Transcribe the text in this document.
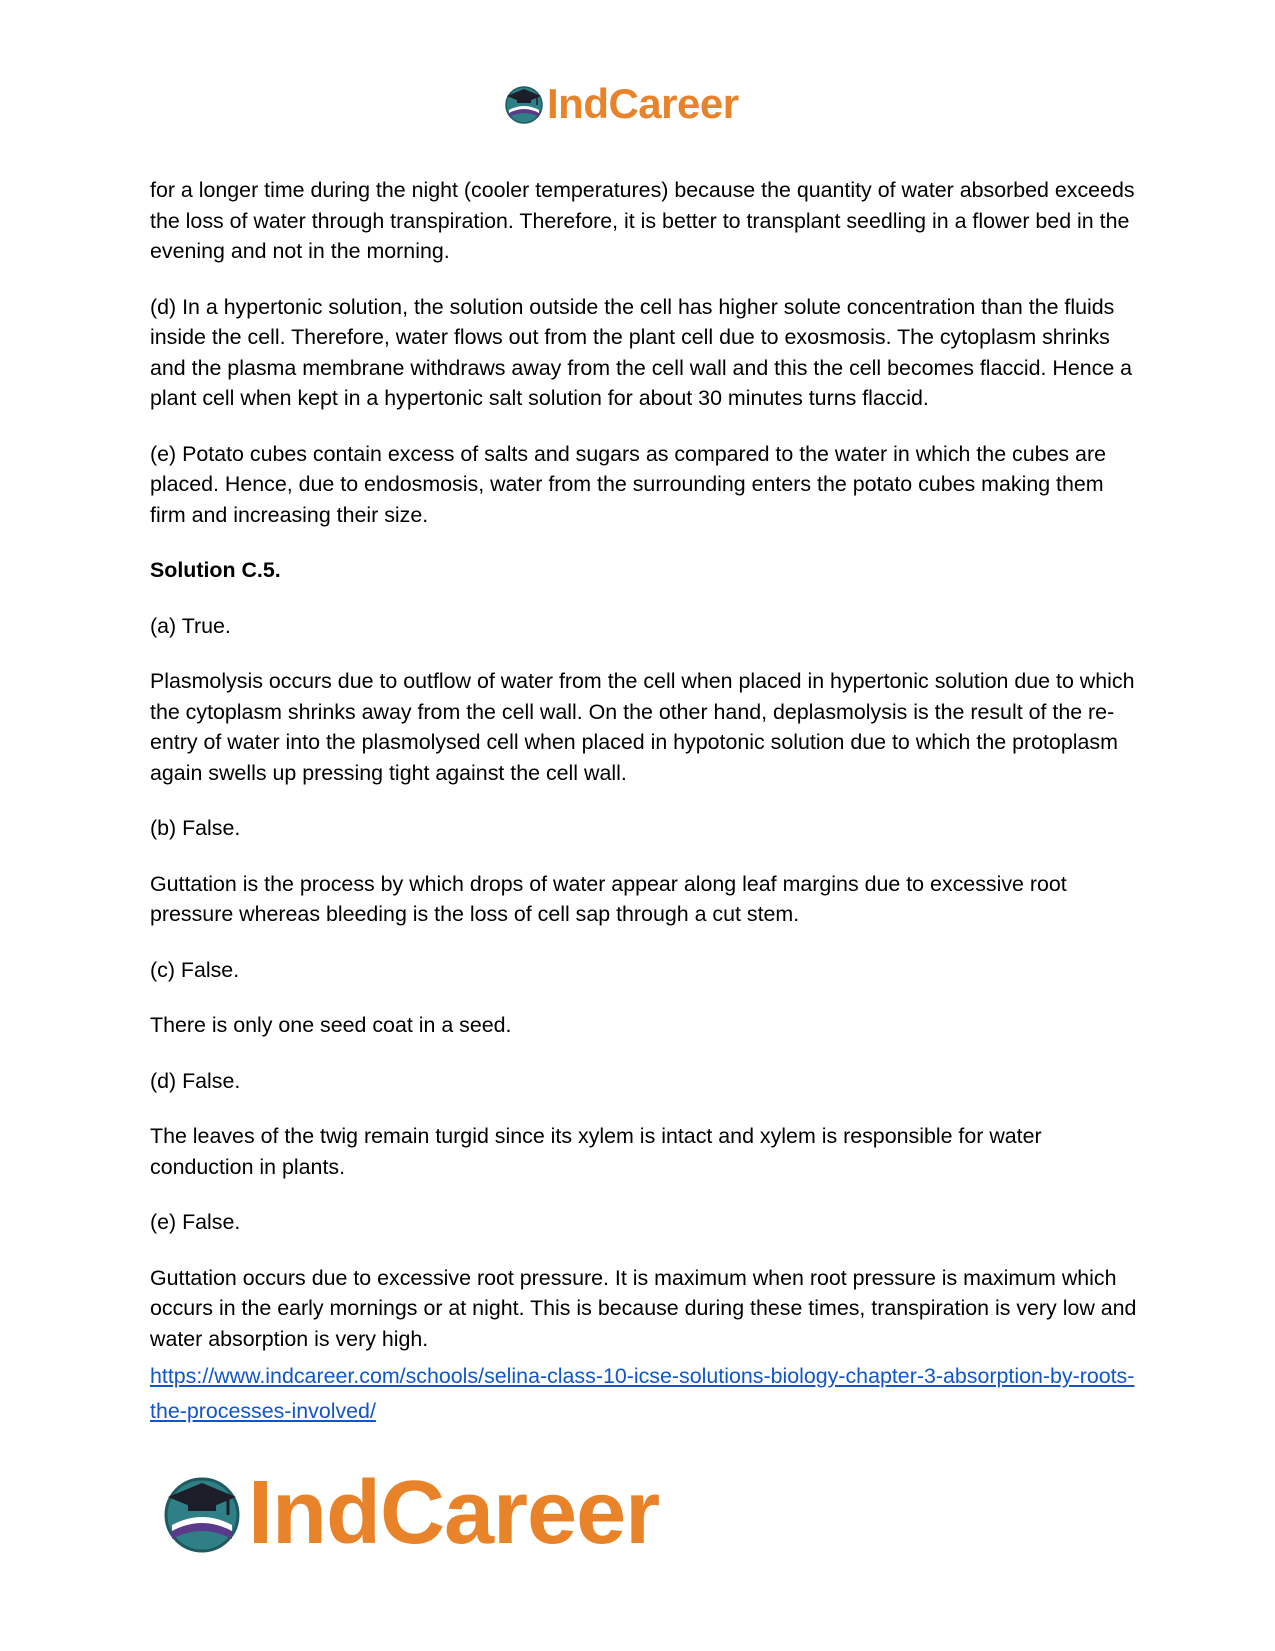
IndCareer

for a longer time during the night (cooler temperatures) because the quantity of water absorbed exceeds the loss of water through transpiration. Therefore, it is better to transplant seedling in a flower bed in the evening and not in the morning.

(d) In a hypertonic solution, the solution outside the cell has higher solute concentration than the fluids inside the cell. Therefore, water flows out from the plant cell due to exosmosis. The cytoplasm shrinks and the plasma membrane withdraws away from the cell wall and this the cell becomes flaccid. Hence a plant cell when kept in a hypertonic salt solution for about 30 minutes turns flaccid.

(e) Potato cubes contain excess of salts and sugars as compared to the water in which the cubes are placed. Hence, due to endosmosis, water from the surrounding enters the potato cubes making them firm and increasing their size.

Solution C.5.

(a) True.

Plasmolysis occurs due to outflow of water from the cell when placed in hypertonic solution due to which the cytoplasm shrinks away from the cell wall. On the other hand, deplasmolysis is the result of the re-entry of water into the plasmolysed cell when placed in hypotonic solution due to which the protoplasm again swells up pressing tight against the cell wall.

(b) False.

Guttation is the process by which drops of water appear along leaf margins due to excessive root pressure whereas bleeding is the loss of cell sap through a cut stem.

(c) False.

There is only one seed coat in a seed.

(d) False.

The leaves of the twig remain turgid since its xylem is intact and xylem is responsible for water conduction in plants.

(e) False.

Guttation occurs due to excessive root pressure. It is maximum when root pressure is maximum which occurs in the early mornings or at night. This is because during these times, transpiration is very low and water absorption is very high.

https://www.indcareer.com/schools/selina-class-10-icse-solutions-biology-chapter-3-absorption-by-roots-the-processes-involved/
IndCareer
